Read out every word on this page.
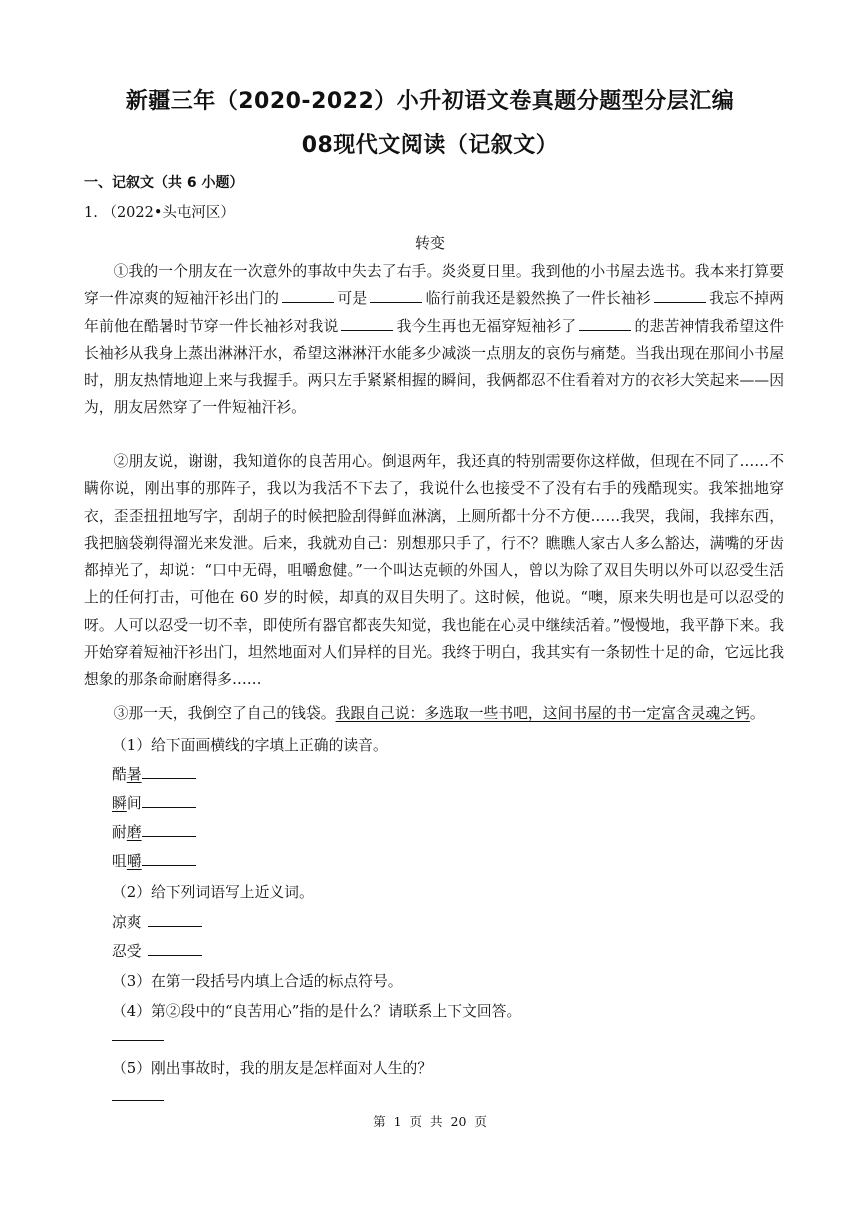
新疆三年（2020-2022）小升初语文卷真题分题型分层汇编
08现代文阅读（记叙文）
一、记叙文（共 6 小题）
1. （2022•头屯河区）
转变
①我的一个朋友在一次意外的事故中失去了右手。炎炎夏日里。我到他的小书屋去选书。我本来打算要穿一件凉爽的短袖汗衫出门的	可是	临行前我还是毅然换了一件长袖衫	我忘不掉两年前他在酷暑时节穿一件长袖衫对我说	我今生再也无福穿短袖衫了	的悲苦神情我希望这件长袖衫从我身上蒸出淋淋汗水，希望这淋淋汗水能多少减淡一点朋友的哀伤与痛楚。当我出现在那间小书屋时，朋友热情地迎上来与我握手。两只左手紧紧相握的瞬间，我俩都忍不住看着对方的衣衫大笑起来——因为，朋友居然穿了一件短袖汗衫。
②朋友说，谢谢，我知道你的良苦用心。倒退两年，我还真的特别需要你这样做，但现在不同了……不瞒你说，刚出事的那阵子，我以为我活不下去了，我说什么也接受不了没有右手的残酷现实。我笨拙地穿衣，歪歪扭扭地写字，刮胡子的时候把脸刮得鲜血淋漓，上厕所都十分不方便……我哭，我闹，我摔东西，我把脑袋剃得溜光来发泄。后来，我就劝自己：别想那只手了，行不？瞧瞧人家古人多么豁达，满嘴的牙齿都掉光了，却说：“口中无碍，咀嚼愈健。”一个叫达克顿的外国人，曾以为除了双目失明以外可以忍受生活上的任何打击，可他在 60 岁的时候，却真的双目失明了。这时候，他说。“噢，原来失明也是可以忍受的呀。人可以忍受一切不幸，即使所有器官都丧失知觉，我也能在心灵中继续活着。”慢慢地，我平静下来。我开始穿着短袖汗衫出门，坦然地面对人们异样的目光。我终于明白，我其实有一条韧性十足的命，它远比我想象的那条命耐磨得多……
③那一天，我倒空了自己的钱袋。我跟自己说：多选取一些书吧，这间书屋的书一定富含灵魂之钙。
（1）给下面画横线的字填上正确的读音。
酷暑
瞬间
耐磨
咀嚼
（2）给下列词语写上近义词。
凉爽
忍受
（3）在第一段括号内填上合适的标点符号。
（4）第②段中的“良苦用心”指的是什么？请联系上下文回答。
（5）刚出事故时，我的朋友是怎样面对人生的？
第 1 页 共 20 页
